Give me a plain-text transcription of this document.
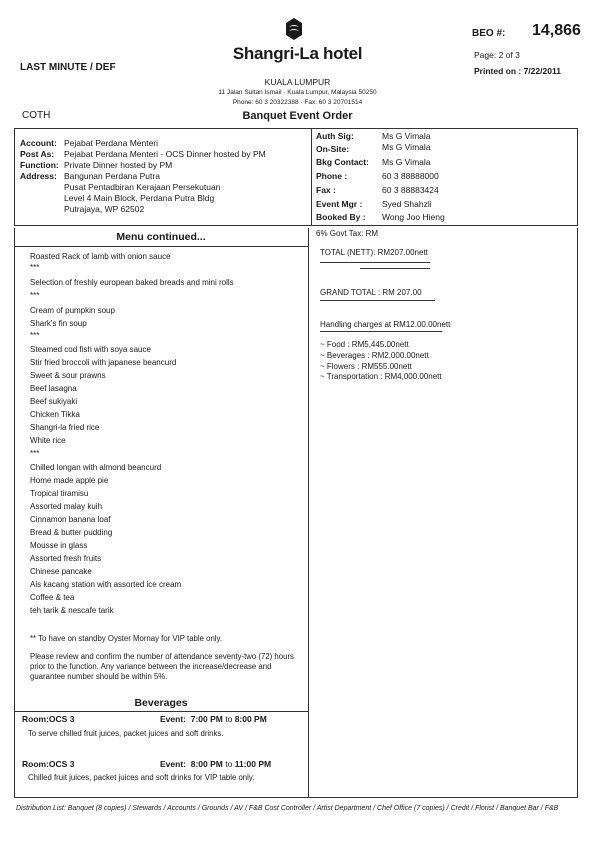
LAST MINUTE / DEF
Shangri-La hotel
KUALA LUMPUR
11 Jalan Sultan Ismail · Kuala Lumpur, Malaysia 50250
Phone: 60 3 20322388 · Fax: 60 3 20701514
BEO #: 14,866
Page: 2 of 3
Printed on : 7/22/2011
COTH	Banquet Event Order
Account: Pejabat Perdana Menteri
Post As: Pejabat Perdana Menteri - OCS Dinner hosted by PM
Function: Private Dinner hosted by PM
Address: Bangunan Perdana Putra
Pusat Pentadbiran Kerajaan Persekutuan
Level 4 Main Block, Perdana Putra Bldg
Putrajaya, WP 62502
Auth Sig:	Ms G Vimala
On-Site:	Ms G Vimala
Bkg Contact: Ms G Vimala
Phone :	60 3 88888000
Fax :	60 3 88883424
Event Mgr : Syed Shahzli
Booked By : Wong Joo Hieng
Menu continued...
Roasted Rack of lamb with onion sauce
***
Selection of freshly european baked breads and mini rolls
***
Cream of pumpkin soup
Shark's fin soup
***
Steamed cod fish with soya sauce
Stir fried broccoli with japanese beancurd
Sweet & sour prawns
Beef lasagna
Beef sukiyaki
Chicken Tikka
Shangri-la fried rice
White rice
***
Chilled longan with almond beancurd
Home made apple pie
Tropical tiramisu
Assorted malay kuih
Cinnamon banana loaf
Bread & butter pudding
Mousse in glass
Assorted fresh fruits
Chinese pancake
Ais kacang station with assorted ice cream
Coffee & tea
teh tarik & nescafe tarik
** To have on standby Oyster Mornay for VIP table only.
Please review and confirm the number of attendance seventy-two (72) hours prior to the function. Any variance between the increase/decrease and guarantee number should be within 5%.
Beverages
Room:OCS 3	Event: 7:00 PM to 8:00 PM
To serve chilled fruit juices, packet juices and soft drinks.
Room:OCS 3	Event: 8:00 PM to 11:00 PM
Chilled fruit juices, packet juices and soft drinks for VIP table only.
6% Govt Tax: RM
TOTAL (NETT): RM207.00nett
GRAND TOTAL : RM 207.00
Handling charges at RM12.00.00nett
~ Food : RM5,445.00nett
~ Beverages : RM2,000.00nett
~ Flowers : RM555.00nett
~ Transportation : RM4,000.00nett
Distribution List: Banquet (8 copies) / Stewards / Accounts / Grounds / AV / F&B Cost Controller / Artist Department / Chef Office (7 copies) / Credit / Florist / Banquet Bar / F&B
